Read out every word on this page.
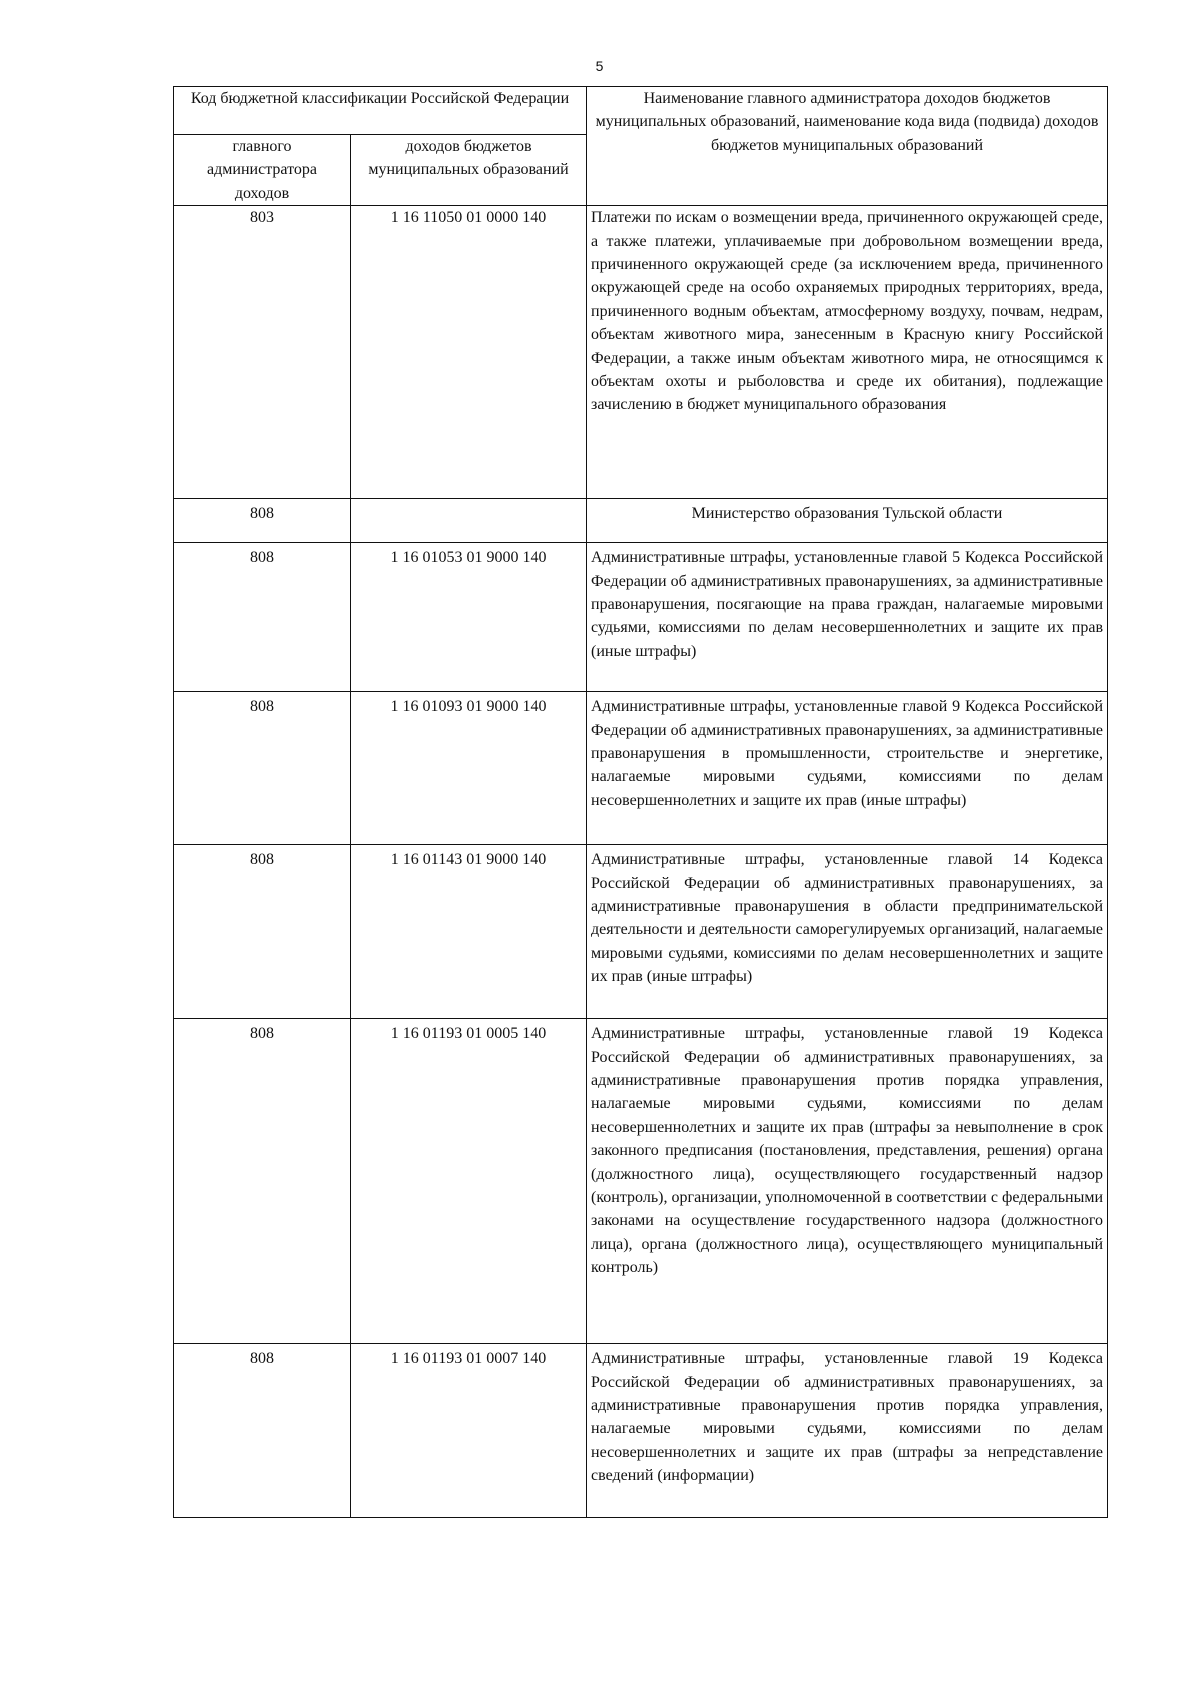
5
Код бюджетной классификации Российской Федерации		Наименование главного администратора доходов бюджетов муниципальных образований, наименование кода вида (подвида) доходов бюджетов муниципальных образований
главного администратора доходов	доходов бюджетов муниципальных образований	
803	1 16 11050 01 0000 140	Платежи по искам о возмещении вреда, причиненного окружающей среде, а также платежи, уплачиваемые при добровольном возмещении вреда, причиненного окружающей среде (за исключением вреда, причиненного окружающей среде на особо охраняемых природных территориях, вреда, причиненного водным объектам, атмосферному воздуху, почвам, недрам, объектам животного мира, занесенным в Красную книгу Российской Федерации, а также иным объектам животного мира, не относящимся к объектам охоты и рыболовства и среде их обитания), подлежащие зачислению в бюджет муниципального образования
808		Министерство образования Тульской области
808	1 16 01053 01 9000 140	Административные штрафы, установленные главой 5 Кодекса Российской Федерации об административных правонарушениях, за административные правонарушения, посягающие на права граждан, налагаемые мировыми судьями, комиссиями по делам несовершеннолетних и защите их прав (иные штрафы)
808	1 16 01093 01 9000 140	Административные штрафы, установленные главой 9 Кодекса Российской Федерации об административных правонарушениях, за административные правонарушения в промышленности, строительстве и энергетике, налагаемые мировыми судьями, комиссиями по делам несовершеннолетних и защите их прав (иные штрафы)
808	1 16 01143 01 9000 140	Административные штрафы, установленные главой 14 Кодекса Российской Федерации об административных правонарушениях, за административные правонарушения в области предпринимательской деятельности и деятельности саморегулируемых организаций, налагаемые мировыми судьями, комиссиями по делам несовершеннолетних и защите их прав (иные штрафы)
808	1 16 01193 01 0005 140	Административные штрафы, установленные главой 19 Кодекса Российской Федерации об административных правонарушениях, за административные правонарушения против порядка управления, налагаемые мировыми судьями, комиссиями по делам несовершеннолетних и защите их прав (штрафы за невыполнение в срок законного предписания (постановления, представления, решения) органа (должностного лица), осуществляющего государственный надзор (контроль), организации, уполномоченной в соответствии с федеральными законами на осуществление государственного надзора (должностного лица), органа (должностного лица), осуществляющего муниципальный контроль)
808	1 16 01193 01 0007 140	Административные штрафы, установленные главой 19 Кодекса Российской Федерации об административных правонарушениях, за административные правонарушения против порядка управления, налагаемые мировыми судьями, комиссиями по делам несовершеннолетних и защите их прав (штрафы за непредставление сведений (информации)
